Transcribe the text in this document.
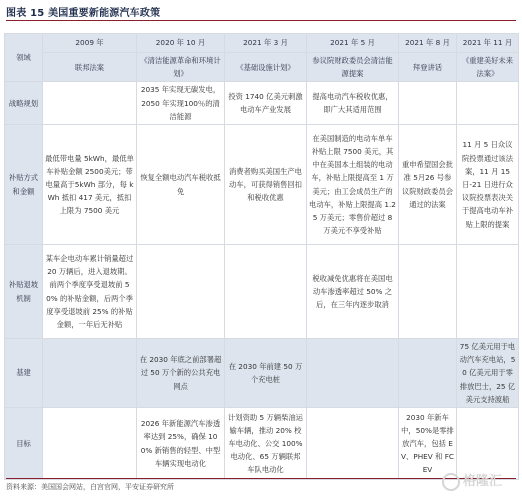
图表 15 美国重要新能源汽车政策
领域	2009 年	2020 年 10 月	2021 年 3 月	2021 年 5 月	2021 年 8 月	2021 年 11 月
	联邦法案	《清洁能源革命和环境计划》	《基础设施计划》	参议院财政委员会清洁能源提案	拜登讲话	《重建美好未来法案》
战略规划		2035 年实现无碳发电，2050 年实现100％的清洁能源	投资 1740 亿美元刺激电动车产业发展	提高电动汽车税收优惠，即广大其适用范围		
补贴方式和金额	最低带电量 5kWh，最低单车补贴金额 2500美元；带电量高于5kWh 部分，每 kWh 抵扣 417 美元，抵扣上限为 7500 美元	恢复全额电动汽车税收抵免	消费者购买美国生产电动车，可获得销售回扣和税收优惠	在美国制造的电动车单车补贴上限 7500 美元，其中在美国本土组装的电动车，补贴上限提高至 1 万美元；由工会成员生产的电动车，补贴上限提高 1.25 万美元；零售价超过 8 万美元不享受补贴	重申希望国会批准 5月26 号参议院财政委员会通过的法案	11 月 5 日众议院投票通过该法案，11 月 15 日-21 日进行众议院投票表决关于提高电动车补贴上限的提案
补贴退坡机制	某车企电动车累计销量超过 20 万辆后，进入退坡期。前两个季度享受退坡前 50% 的补贴金额，后两个季度享受退坡前 25% 的补贴金额，一年后无补贴			税收减免优惠将在美国电动车渗透率超过 50% 之后，在三年内逐步取消		
基建		在 2030 年底之前部署超过 50 万个新的公共充电网点	在 2030 年前建 50 万个充电桩			75 亿美元用于电动汽车充电站，50 亿美元用于零排放巴士，25 亿美元支持渡船
目标		2026 年新能源汽车渗透率达到 25%，确保 100% 新销售的轻型、中型车辆实现电动化	计划资助 5 万辆柴油运输车辆，推动 20% 校车电动化、公交 100% 电动化、65 万辆联邦车队电动化		2030 年新车中，50%是零排放汽车，包括 EV、PHEV 和 FCEV	
资料来源：美国国会网站，白宫官网，平安证券研究所	格隆汇
